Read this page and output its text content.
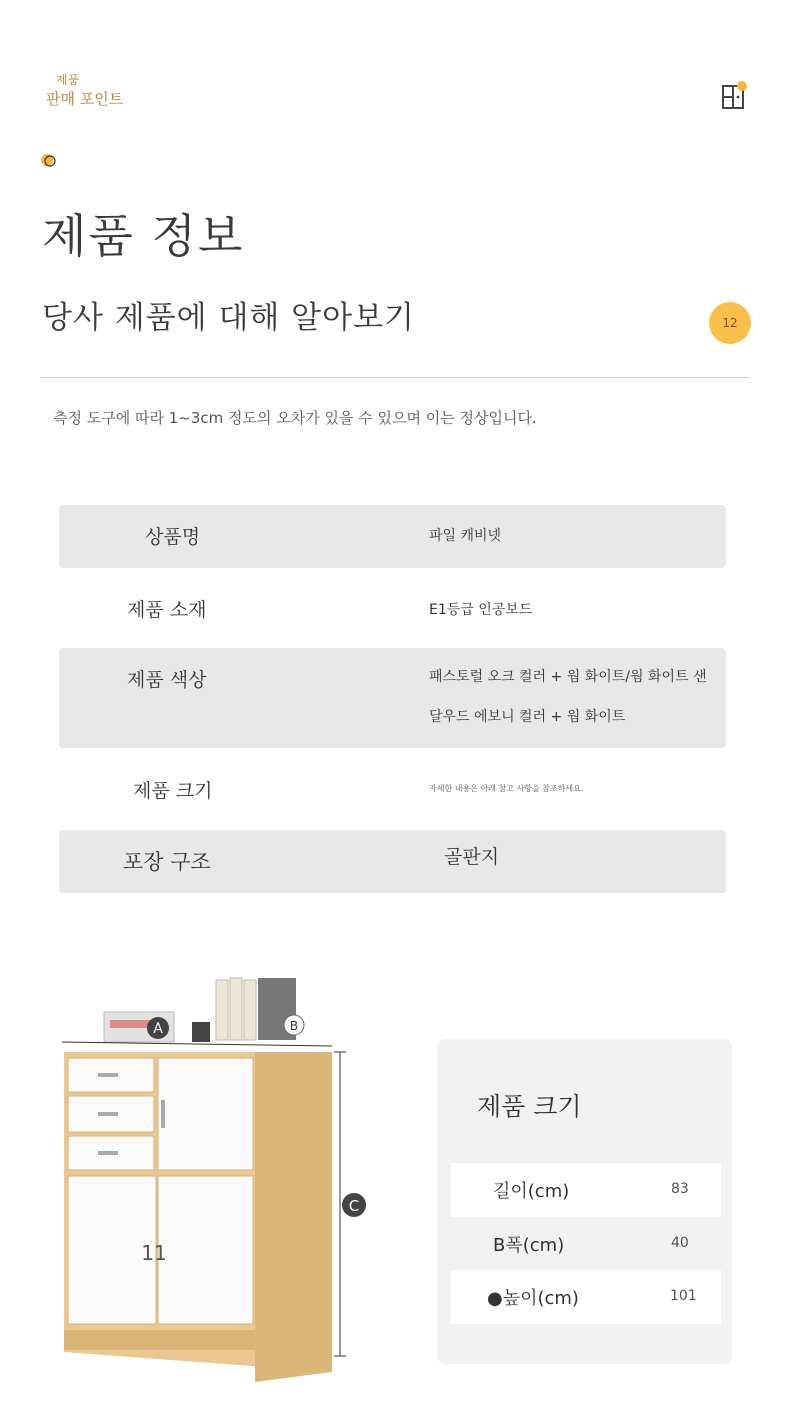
제품
판매 포인트
제품 정보
당사 제품에 대해 알아보기	12

측정 도구에 따라 1~3cm 정도의 오차가 있을 수 있으며 이는 정상입니다.

상품명	파일 캐비넷
제품 소재	E1등급 인공보드
제품 색상	패스토럴 오크 컬러 + 웜 화이트/웜 화이트 샌
달우드 에보니 컬러 + 웜 화이트
제품 크기	자세한 내용은 아래 참고 사항을 참조하세요.
포장 구조	골판지
A	B
11
C
제품 크기
길이(cm)	83
B폭(cm)	40
●높이(cm)	101
